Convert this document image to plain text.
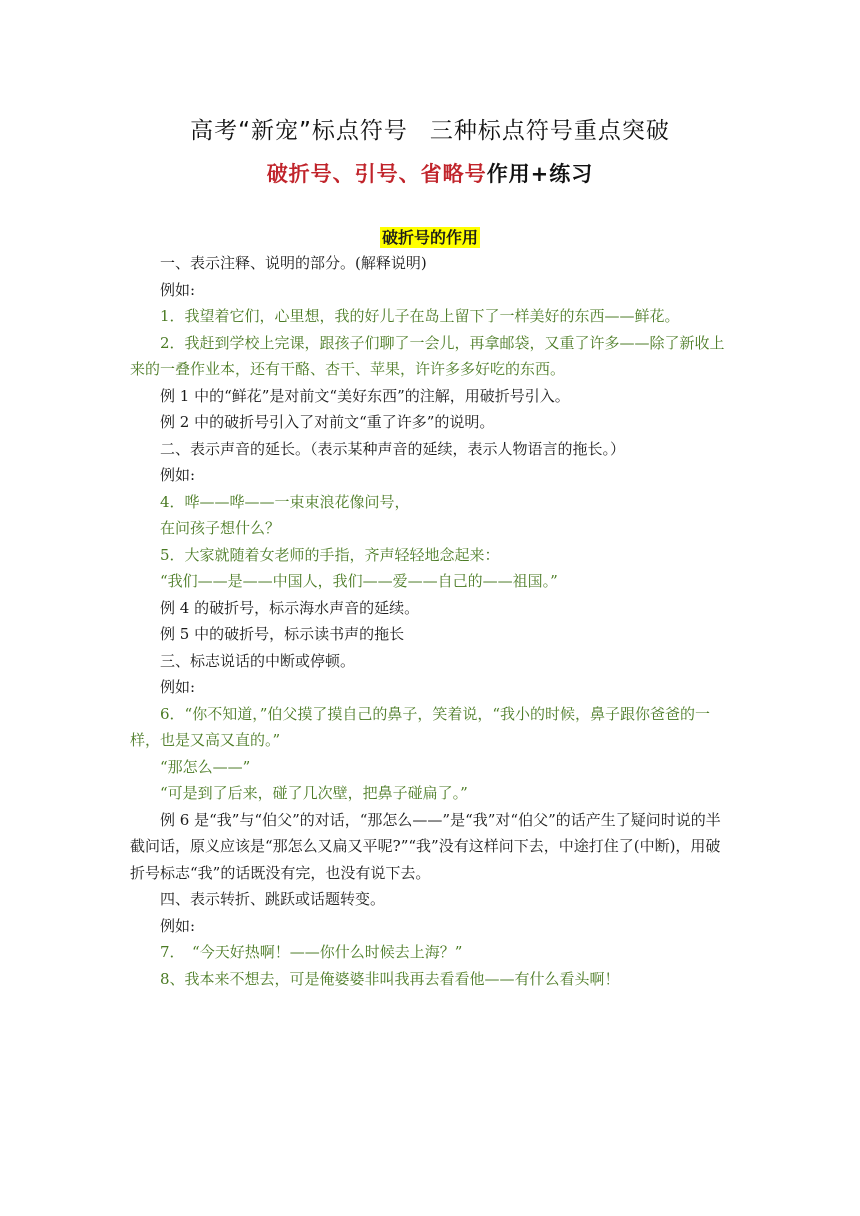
高考“新宠”标点符号 三种标点符号重点突破
破折号、引号、省略号作用+练习
破折号的作用

一、表示注释、说明的部分。(解释说明)

例如:

1．我望着它们，心里想，我的好儿子在岛上留下了一样美好的东西——鲜花。

2．我赶到学校上完课，跟孩子们聊了一会儿，再拿邮袋，又重了许多——除了新收上来的一叠作业本，还有干酪、杏干、苹果，许许多多好吃的东西。

例 1 中的“鲜花”是对前文“美好东西”的注解，用破折号引入。

例 2 中的破折号引入了对前文“重了许多”的说明。

二、表示声音的延长。（表示某种声音的延续，表示人物语言的拖长。）

例如:

4．哗——哗——一束束浪花像问号，

在问孩子想什么？

5．大家就随着女老师的手指，齐声轻轻地念起来：

“我们——是——中国人，我们——爱——自己的——祖国。”

例 4 的破折号，标示海水声音的延续。

例 5 中的破折号，标示读书声的拖长

三、标志说话的中断或停顿。

例如:

6．“你不知道，”伯父摸了摸自己的鼻子，笑着说，“我小的时候，鼻子跟你爸爸的一样，也是又高又直的。”

“那怎么——”

“可是到了后来，碰了几次壁，把鼻子碰扁了。”

例 6 是“我”与“伯父”的对话，“那怎么——”是“我”对“伯父”的话产生了疑问时说的半截问话，原义应该是“那怎么又扁又平呢?”“我”没有这样问下去，中途打住了(中断)，用破折号标志“我”的话既没有完，也没有说下去。

四、表示转折、跳跃或话题转变。

例如:

7．　“今天好热啊！——你什么时候去上海？”

8、我本来不想去，可是俺婆婆非叫我再去看看他——有什么看头啊！
